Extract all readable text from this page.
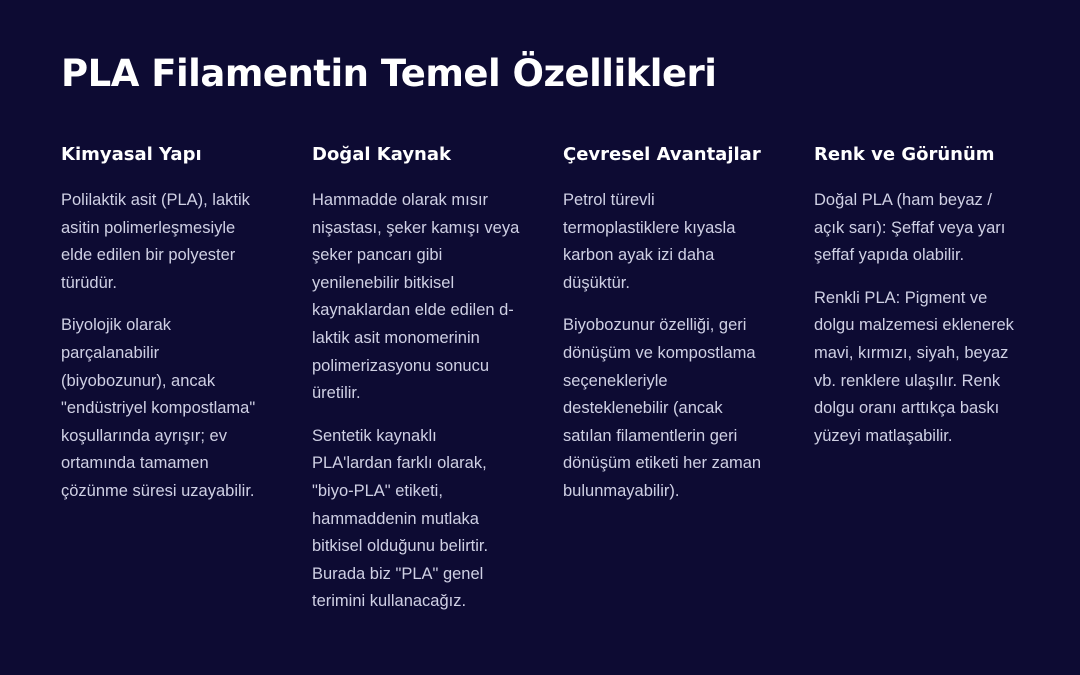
PLA Filamentin Temel Özellikleri
Kimyasal Yapı

Polilaktik asit (PLA), laktik asitin polimerleşmesiyle elde edilen bir polyester türüdür.

Biyolojik olarak parçalanabilir (biyobozunur), ancak "endüstriyel kompostlama" koşullarında ayrışır; ev ortamında tamamen çözünme süresi uzayabilir.

Doğal Kaynak

Hammadde olarak mısır nişastası, şeker kamışı veya şeker pancarı gibi yenilenebilir bitkisel kaynaklardan elde edilen d-laktik asit monomerinin polimerizasyonu sonucu üretilir.

Sentetik kaynaklı PLA'lardan farklı olarak, "biyo-PLA" etiketi, hammaddenin mutlaka bitkisel olduğunu belirtir. Burada biz "PLA" genel terimini kullanacağız.

Çevresel Avantajlar

Petrol türevli termoplastiklere kıyasla karbon ayak izi daha düşüktür.

Biyobozunur özelliği, geri dönüşüm ve kompostlama seçenekleriyle desteklenebilir (ancak satılan filamentlerin geri dönüşüm etiketi her zaman bulunmayabilir).

Renk ve Görünüm

Doğal PLA (ham beyaz / açık sarı): Şeffaf veya yarı şeffaf yapıda olabilir.

Renkli PLA: Pigment ve dolgu malzemesi eklenerek mavi, kırmızı, siyah, beyaz vb. renklere ulaşılır. Renk dolgu oranı arttıkça baskı yüzeyi matlaşabilir.
